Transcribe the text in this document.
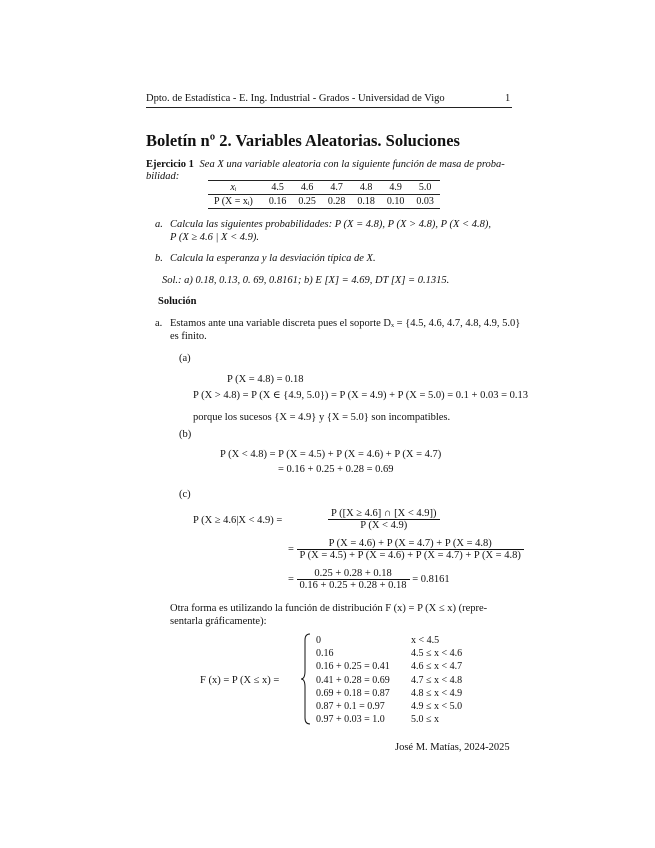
Dpto. de Estadística - E. Ing. Industrial - Grados - Universidad de Vigo	1
Boletín nº 2. Variables Aleatorias. Soluciones
Ejercicio 1 Sea X una variable aleatoria con la siguiente función de masa de proba-
bilidad:
xᵢ	4.5	4.6	4.7	4.8	4.9	5.0
P (X = xᵢ)	0.16	0.25	0.28	0.18	0.10	0.03
a. Calcula las siguientes probabilidades: P (X = 4.8), P (X > 4.8), P (X < 4.8),
P (X ≥ 4.6 | X < 4.9).
b. Calcula la esperanza y la desviación típica de X.
Sol.: a) 0.18, 0.13, 0. 69, 0.8161; b) E [X] = 4.69, DT [X] = 0.1315.
Solución
a. Estamos ante una variable discreta pues el soporte Dₓ = {4.5, 4.6, 4.7, 4.8, 4.9, 5.0}
es finito.
(a)
P (X = 4.8) = 0.18
P (X > 4.8) = P (X ∈ {4.9, 5.0}) = P (X = 4.9) + P (X = 5.0) = 0.1 + 0.03 = 0.13
porque los sucesos {X = 4.9} y {X = 5.0} son incompatibles.
(b)
P (X < 4.8) = P (X = 4.5) + P (X = 4.6) + P (X = 4.7)
= 0.16 + 0.25 + 0.28 = 0.69
(c)
P (X ≥ 4.6|X < 4.9) =	$\frac{P ([X \ge 4.6] \cap [X < 4.9])}{P (X < 4.9)}$
= $\frac{P (X = 4.6) + P (X = 4.7) + P (X = 4.8)}{P (X = 4.5) + P (X = 4.6) + P (X = 4.7) + P (X = 4.8)}$
= $\frac{0.25 + 0.28 + 0.18}{0.16 + 0.25 + 0.28 + 0.18} = 0.8161$
Otra forma es utilizando la función de distribución F (x) = P (X ≤ x) (repre-
sentarla gráficamente):
F (x) = P (X ≤ x) =
0	x < 4.5
0.16	4.5 ≤ x < 4.6
0.16 + 0.25 = 0.41	4.6 ≤ x < 4.7
0.41 + 0.28 = 0.69	4.7 ≤ x < 4.8
0.69 + 0.18 = 0.87	4.8 ≤ x < 4.9
0.87 + 0.1 = 0.97	4.9 ≤ x < 5.0
0.97 + 0.03 = 1.0	5.0 ≤ x
José M. Matías, 2024-2025
